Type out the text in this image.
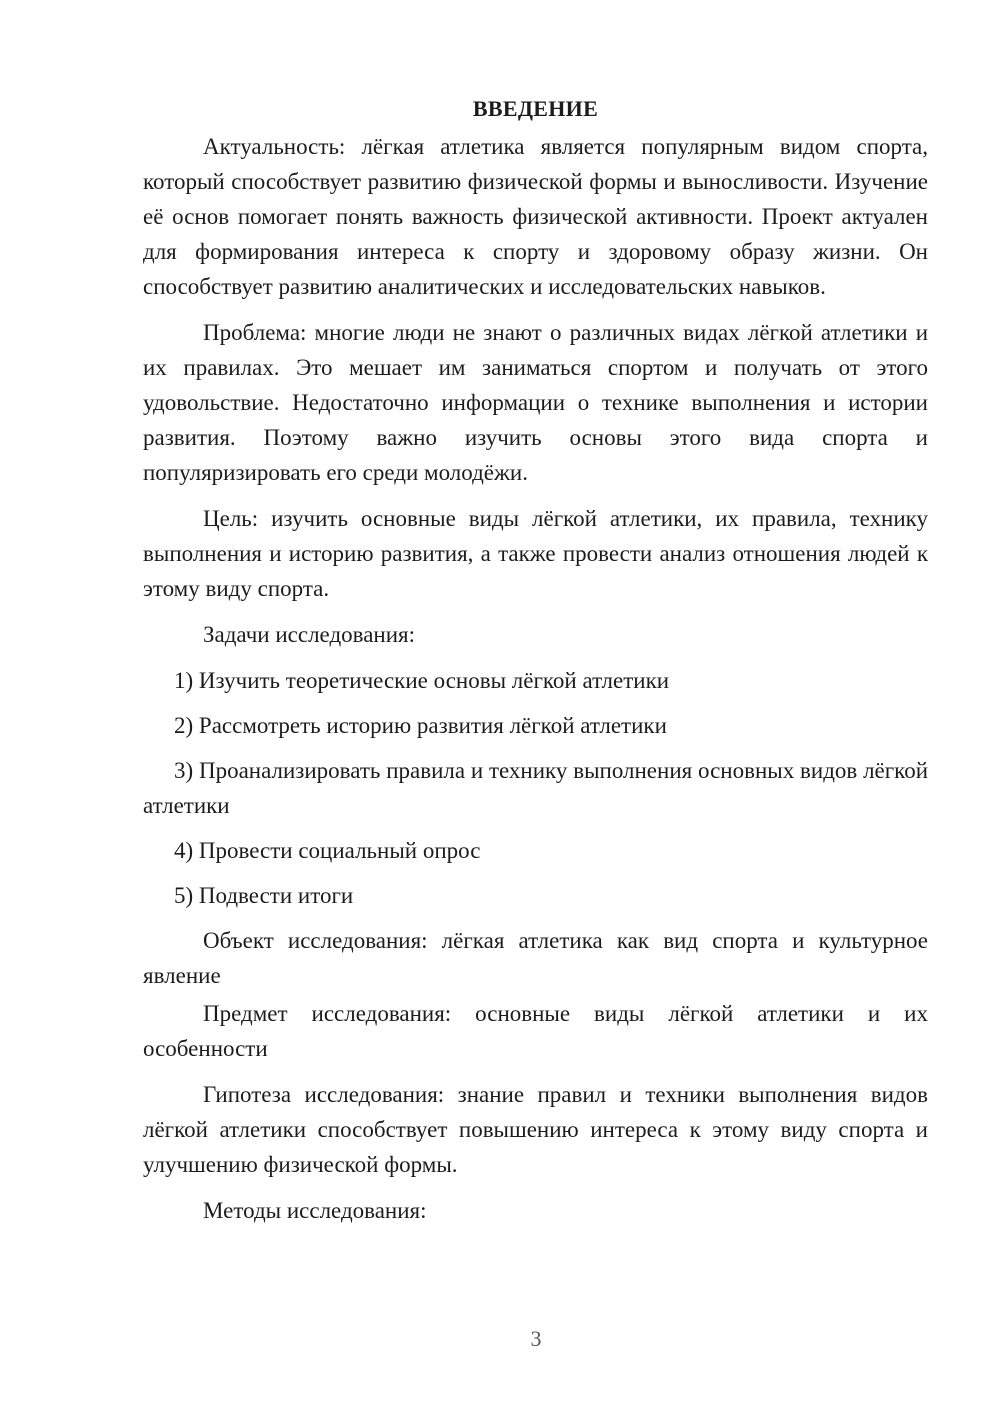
ВВЕДЕНИЕ

Актуальность: лёгкая атлетика является популярным видом спорта, который способствует развитию физической формы и выносливости. Изучение её основ помогает понять важность физической активности. Проект актуален для формирования интереса к спорту и здоровому образу жизни. Он способствует развитию аналитических и исследовательских навыков.

Проблема: многие люди не знают о различных видах лёгкой атлетики и их правилах. Это мешает им заниматься спортом и получать от этого удовольствие. Недостаточно информации о технике выполнения и истории развития. Поэтому важно изучить основы этого вида спорта и популяризировать его среди молодёжи.

Цель: изучить основные виды лёгкой атлетики, их правила, технику выполнения и историю развития, а также провести анализ отношения людей к этому виду спорта.

Задачи исследования:

1) Изучить теоретические основы лёгкой атлетики
2) Рассмотреть историю развития лёгкой атлетики
3) Проанализировать правила и технику выполнения основных видов лёгкой атлетики
4) Провести социальный опрос
5) Подвести итоги

Объект исследования: лёгкая атлетика как вид спорта и культурное явление

Предмет исследования: основные виды лёгкой атлетики и их особенности

Гипотеза исследования: знание правил и техники выполнения видов лёгкой атлетики способствует повышению интереса к этому виду спорта и улучшению физической формы.

Методы исследования:

3
